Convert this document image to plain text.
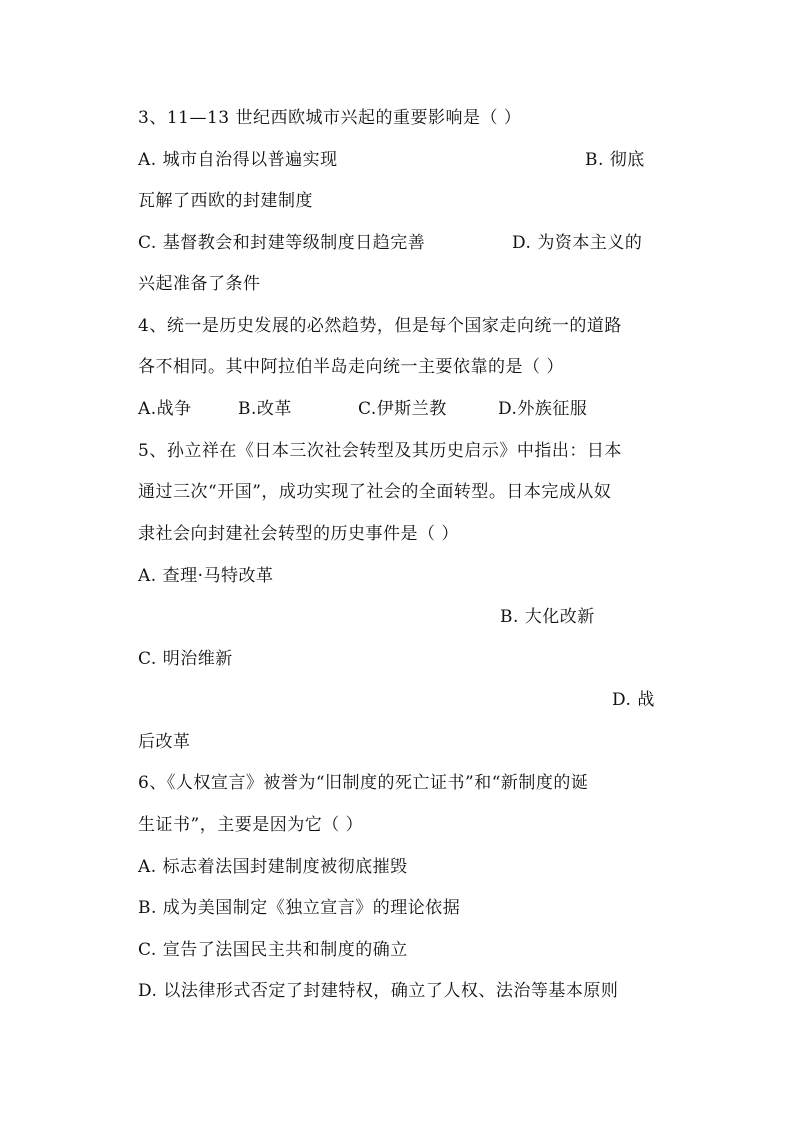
3、11—13 世纪西欧城市兴起的重要影响是（ ）
A. 城市自治得以普遍实现	B. 彻底
瓦解了西欧的封建制度
C. 基督教会和封建等级制度日趋完善	D. 为资本主义的
兴起准备了条件
4、统一是历史发展的必然趋势，但是每个国家走向统一的道路
各不相同。其中阿拉伯半岛走向统一主要依靠的是（ ）
A.战争	B.改革	C.伊斯兰教	D.外族征服
5、孙立祥在《日本三次社会转型及其历史启示》中指出：日本
通过三次“开国”，成功实现了社会的全面转型。日本完成从奴
隶社会向封建社会转型的历史事件是（ ）
A. 查理·马特改革
B. 大化改新
C. 明治维新
D. 战
后改革
6、《人权宣言》被誉为“旧制度的死亡证书”和“新制度的诞
生证书”，主要是因为它（ ）
A. 标志着法国封建制度被彻底摧毁
B. 成为美国制定《独立宣言》的理论依据
C. 宣告了法国民主共和制度的确立
D. 以法律形式否定了封建特权，确立了人权、法治等基本原则
